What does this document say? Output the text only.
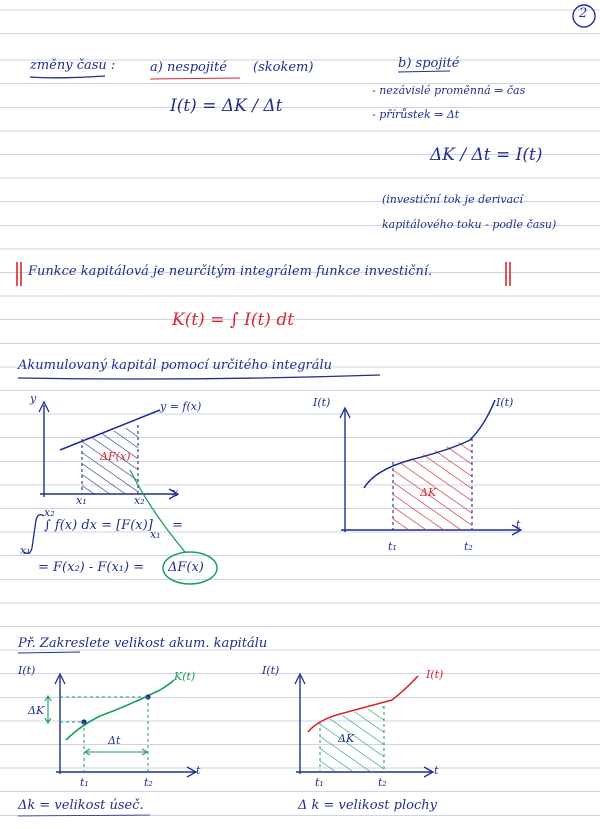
2
změny času :	a) nespojité (skokem)
I(t) = ΔK / Δt
b) spojité
- nezávislé proměnná ⇒ čas
- přírůstek ⇒ Δt
ΔK / Δt = I(t)
(investiční tok je derivací
kapitálového toku - podle času)
Funkce kapitálová je neurčitým integrálem funkce investiční.
K(t) = ∫ I(t) dt
Akumulovaný kapitál pomocí určitého integrálu
y
y = f(x)
ΔF(x)
x₁	x₂
x
x₂
x₁
∫ f(x) dx = [F(x)]
x₁
=
= F(x₂) - F(x₁) = ΔF(x)
I(t)	I(t)
ΔK
t₁	t₂
t
Př. Zakreslete velikost akum. kapitálu
I(t)	K(t)
ΔK
Δt
t₁	t₂
t
I(t)	I(t)
ΔK
t₁	t₂
t
Δk = velikost úseč.	Δ k = velikost plochy
